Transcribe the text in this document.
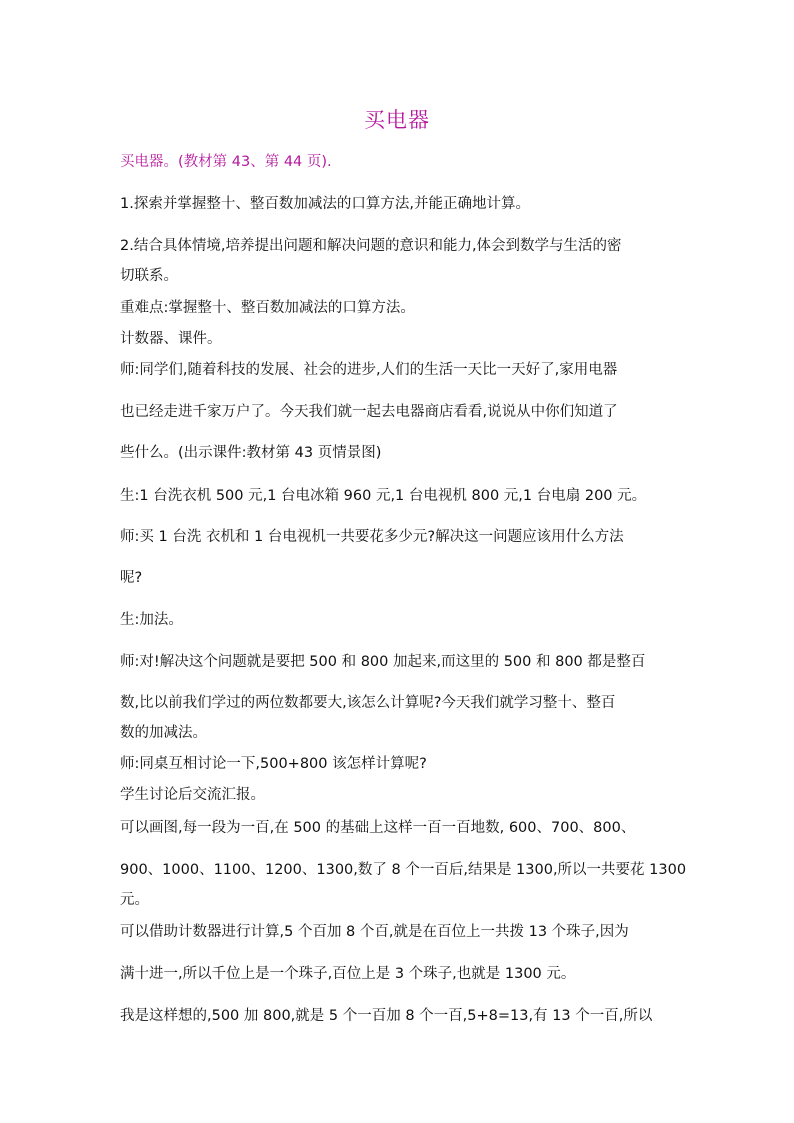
买电器
买电器。(教材第 43、第 44 页).
1.探索并掌握整十、整百数加减法的口算方法,并能正确地计算。
2.结合具体情境,培养提出问题和解决问题的意识和能力,体会到数学与生活的密
切联系。
重难点:掌握整十、整百数加减法的口算方法。
计数器、课件。
师:同学们,随着科技的发展、社会的进步,人们的生活一天比一天好了,家用电器
也已经走进千家万户了。今天我们就一起去电器商店看看,说说从中你们知道了
些什么。(出示课件:教材第 43 页情景图)
生:1 台洗衣机 500 元,1 台电冰箱 960 元,1 台电视机 800 元,1 台电扇 200 元。
师:买 1 台洗 衣机和 1 台电视机一共要花多少元?解决这一问题应该用什么方法
呢?
生:加法。
师:对!解决这个问题就是要把 500 和 800 加起来,而这里的 500 和 800 都是整百
数,比以前我们学过的两位数都要大,该怎么计算呢?今天我们就学习整十、整百
数的加减法。
师:同桌互相讨论一下,500+800 该怎样计算呢?
学生讨论后交流汇报。
可以画图,每一段为一百,在 500 的基础上这样一百一百地数, 600、700、800、
900、1000、1100、1200、1300,数了 8 个一百后,结果是 1300,所以一共要花 1300
元。
可以借助计数器进行计算,5 个百加 8 个百,就是在百位上一共拨 13 个珠子,因为
满十进一,所以千位上是一个珠子,百位上是 3 个珠子,也就是 1300 元。
我是这样想的,500 加 800,就是 5 个一百加 8 个一百,5+8=13,有 13 个一百,所以
